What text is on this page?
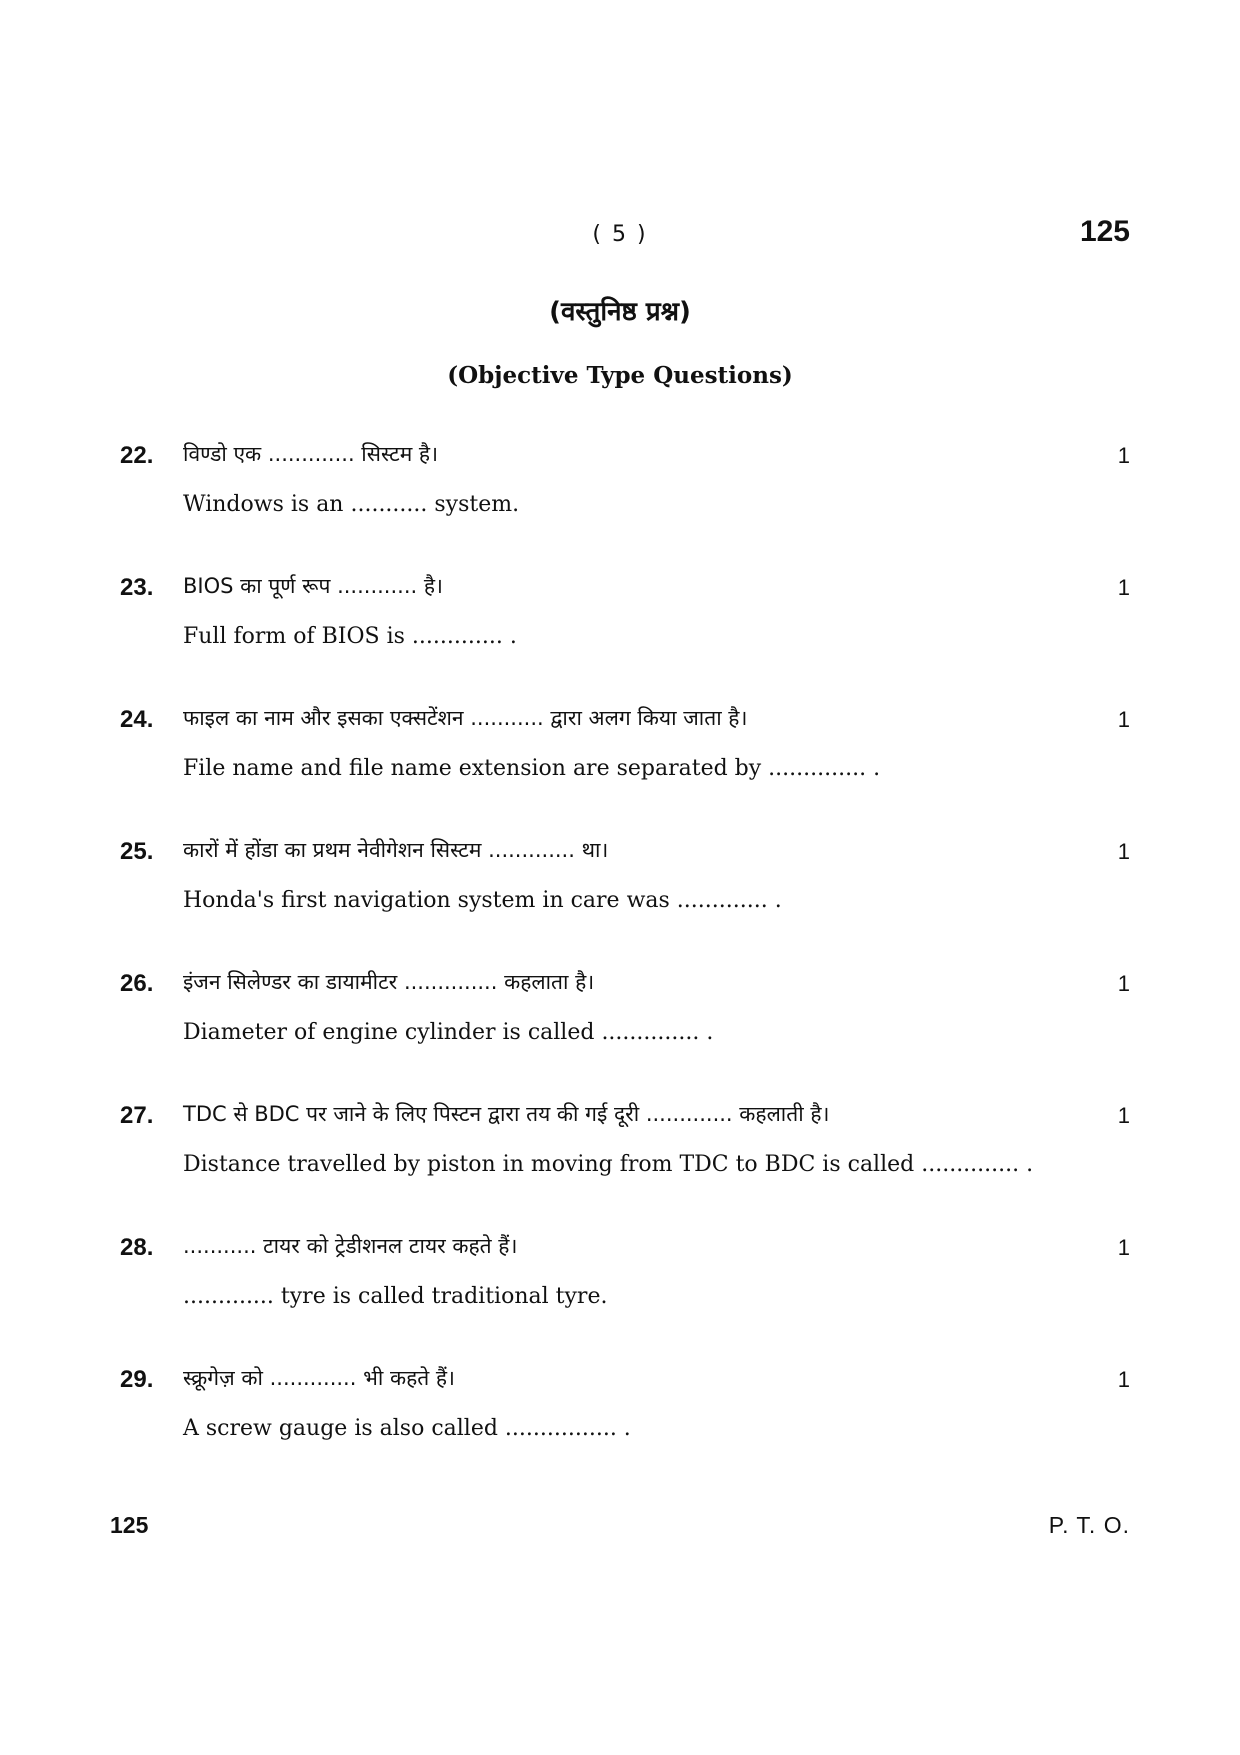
( 5 )	125
(वस्तुनिष्ठ प्रश्न)
(Objective Type Questions)
22. विण्डो एक ............. सिस्टम है।
Windows is an ........... system.
1
23. BIOS का पूर्ण रूप ............ है।
Full form of BIOS is ............. .
1
24. फाइल का नाम और इसका एक्सटेंशन ........... द्वारा अलग किया जाता है।
File name and file name extension are separated by .............. .
1
25. कारों में होंडा का प्रथम नेवीगेशन सिस्टम ............. था।
Honda's first navigation system in care was ............. .
1
26. इंजन सिलेण्डर का डायामीटर .............. कहलाता है।
Diameter of engine cylinder is called .............. .
1
27. TDC से BDC पर जाने के लिए पिस्टन द्वारा तय की गई दूरी ............. कहलाती है।
Distance travelled by piston in moving from TDC to BDC is called .............. .
1
28. ........... टायर को ट्रेडीशनल टायर कहते हैं।
............. tyre is called traditional tyre.
1
29. स्क्रूगेज़ को ............. भी कहते हैं।
A screw gauge is also called ................ .
1
125	P. T. O.
